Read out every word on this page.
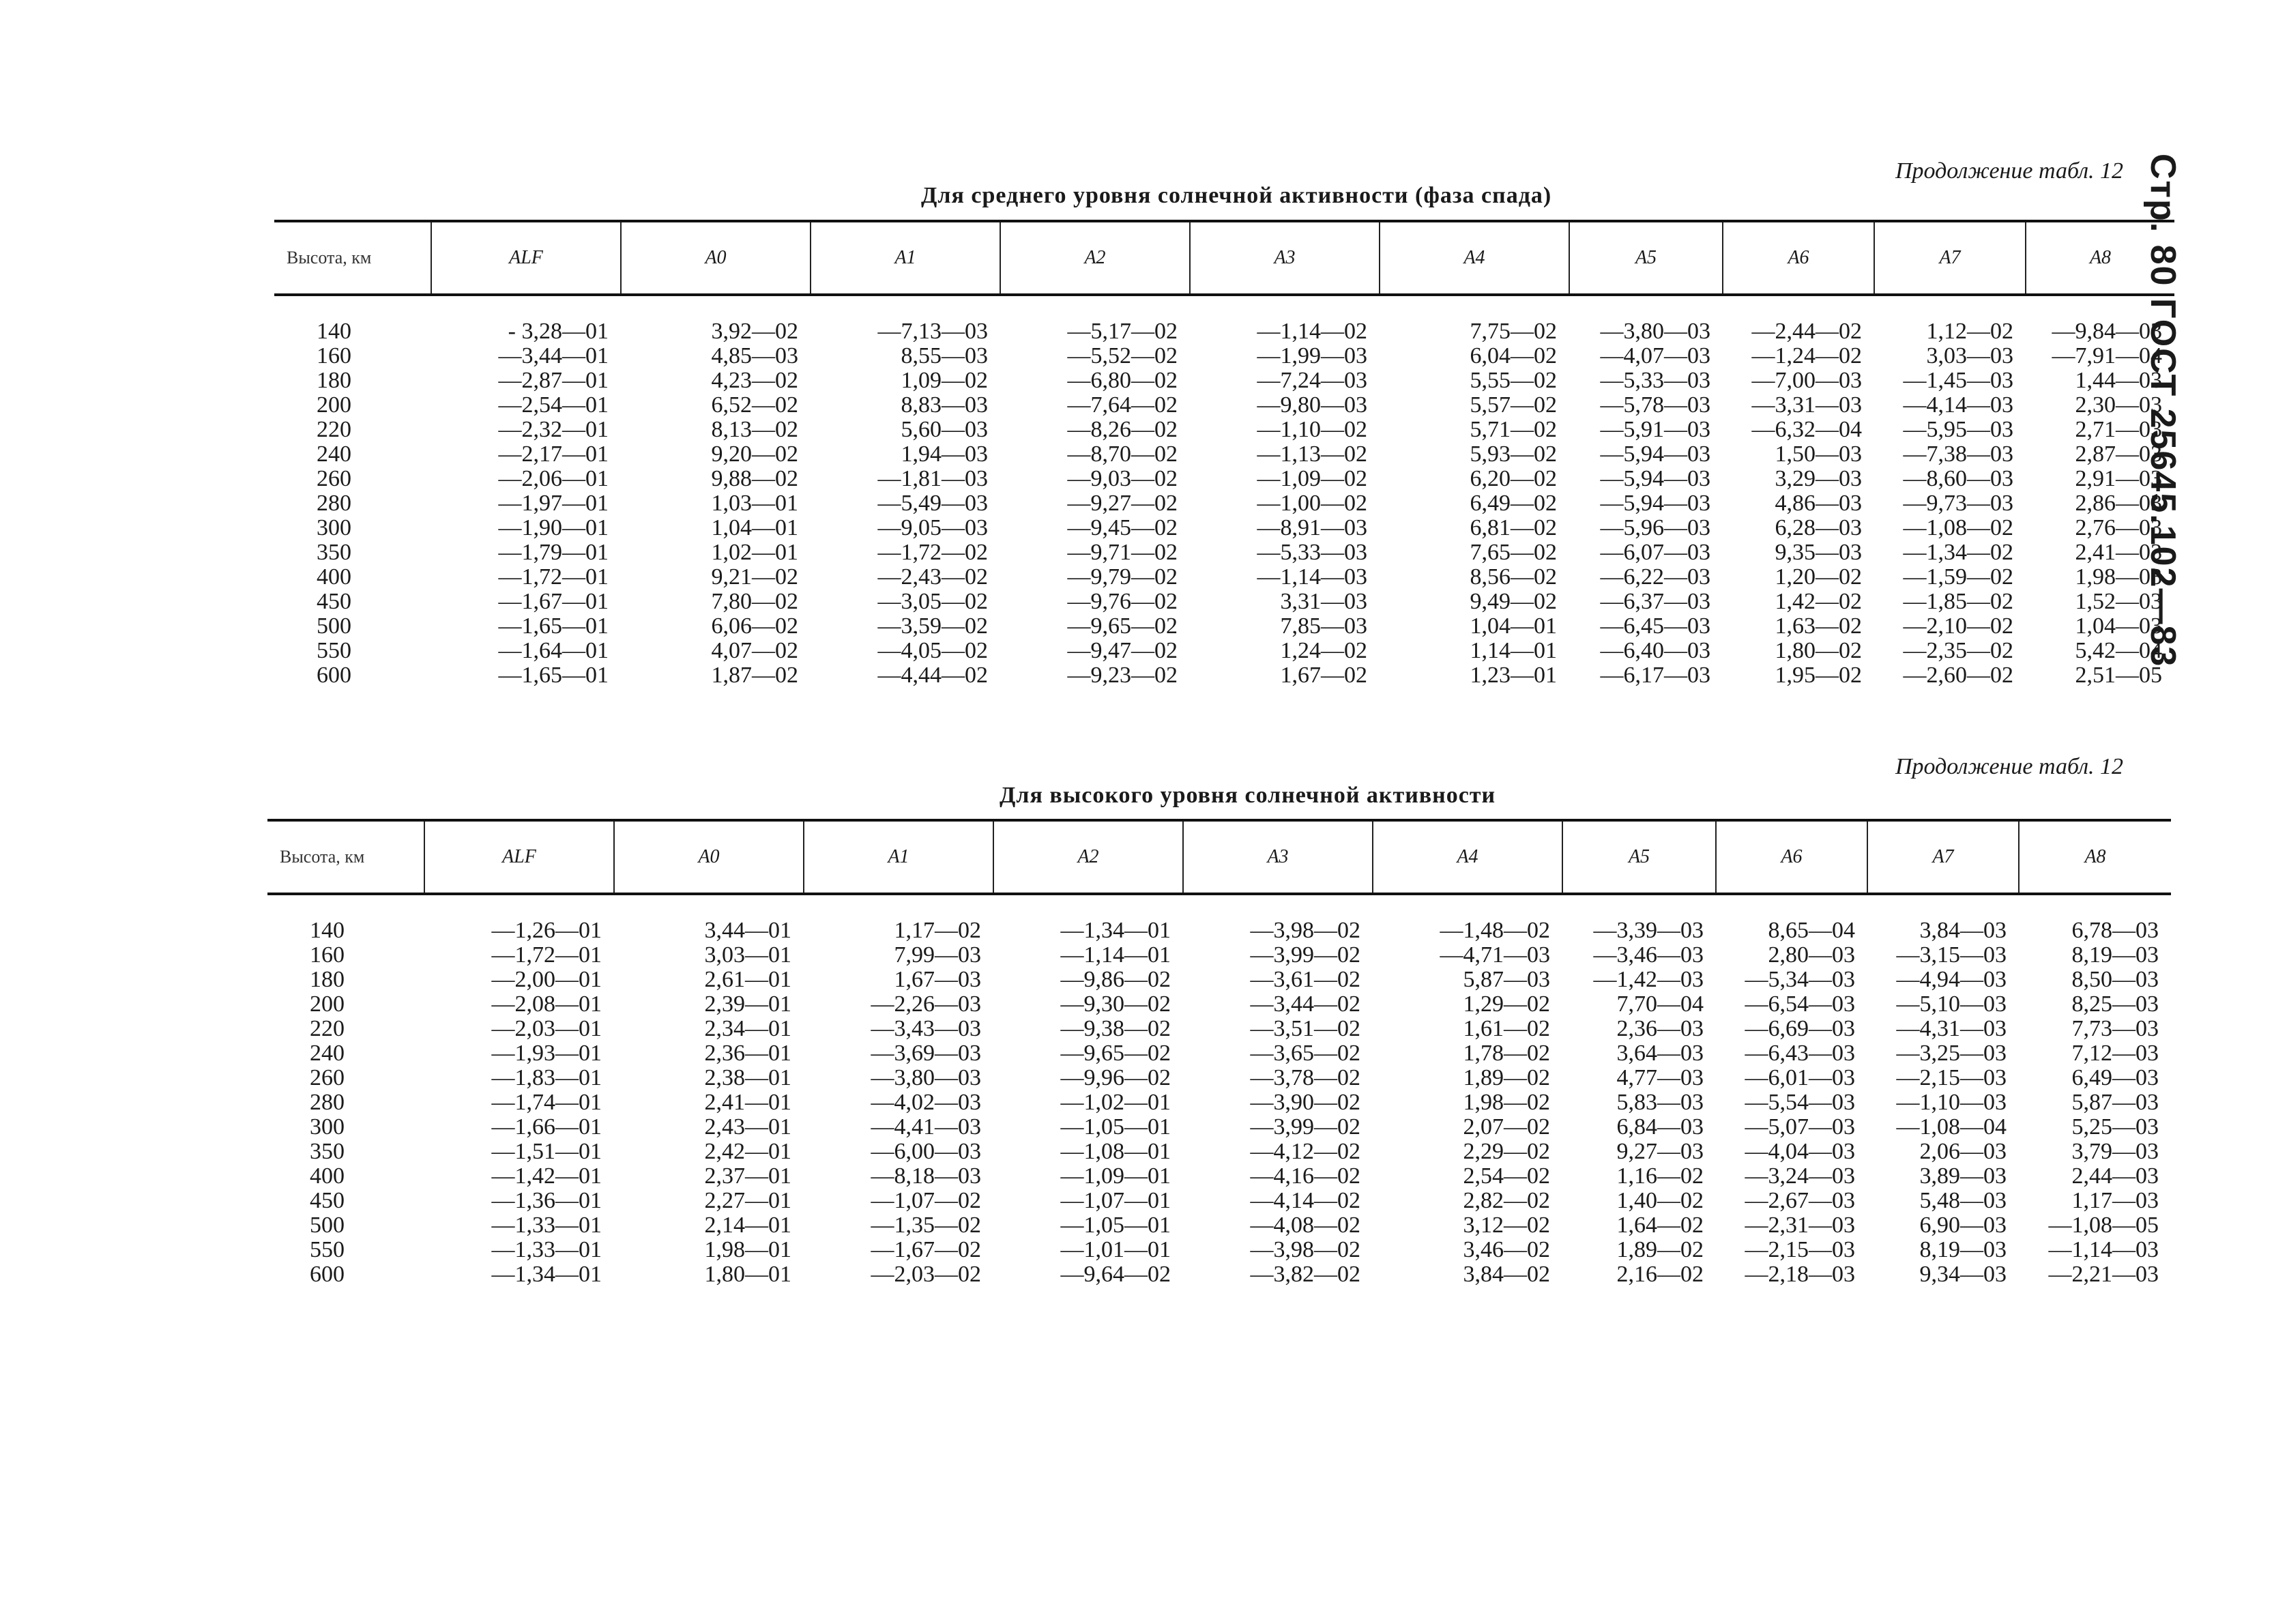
Стр. 80 ГОСТ 25645.102—83
Продолжение табл. 12
Для среднего уровня солнечной активности (фаза спада)
Высота, км	ALF	A0	A1	A2	A3	A4	A5	A6	A7	A8
140	- 3,28—01	3,92—02	—7,13—03	—5,17—02	—1,14—02	7,75—02	—3,80—03	—2,44—02	1,12—02	—9,84—03
160	—3,44—01	4,85—03	8,55—03	—5,52—02	—1,99—03	6,04—02	—4,07—03	—1,24—02	3,03—03	—7,91—04
180	—2,87—01	4,23—02	1,09—02	—6,80—02	—7,24—03	5,55—02	—5,33—03	—7,00—03	—1,45—03	1,44—03
200	—2,54—01	6,52—02	8,83—03	—7,64—02	—9,80—03	5,57—02	—5,78—03	—3,31—03	—4,14—03	2,30—03
220	—2,32—01	8,13—02	5,60—03	—8,26—02	—1,10—02	5,71—02	—5,91—03	—6,32—04	—5,95—03	2,71—03
240	—2,17—01	9,20—02	1,94—03	—8,70—02	—1,13—02	5,93—02	—5,94—03	1,50—03	—7,38—03	2,87—03
260	—2,06—01	9,88—02	—1,81—03	—9,03—02	—1,09—02	6,20—02	—5,94—03	3,29—03	—8,60—03	2,91—03
280	—1,97—01	1,03—01	—5,49—03	—9,27—02	—1,00—02	6,49—02	—5,94—03	4,86—03	—9,73—03	2,86—03
300	—1,90—01	1,04—01	—9,05—03	—9,45—02	—8,91—03	6,81—02	—5,96—03	6,28—03	—1,08—02	2,76—03
350	—1,79—01	1,02—01	—1,72—02	—9,71—02	—5,33—03	7,65—02	—6,07—03	9,35—03	—1,34—02	2,41—03
400	—1,72—01	9,21—02	—2,43—02	—9,79—02	—1,14—03	8,56—02	—6,22—03	1,20—02	—1,59—02	1,98—03
450	—1,67—01	7,80—02	—3,05—02	—9,76—02	3,31—03	9,49—02	—6,37—03	1,42—02	—1,85—02	1,52—03
500	—1,65—01	6,06—02	—3,59—02	—9,65—02	7,85—03	1,04—01	—6,45—03	1,63—02	—2,10—02	1,04—03
550	—1,64—01	4,07—02	—4,05—02	—9,47—02	1,24—02	1,14—01	—6,40—03	1,80—02	—2,35—02	5,42—04
600	—1,65—01	1,87—02	—4,44—02	—9,23—02	1,67—02	1,23—01	—6,17—03	1,95—02	—2,60—02	2,51—05
Продолжение табл. 12
Для высокого уровня солнечной активности
Высота, км	ALF	A0	A1	A2	A3	A4	A5	A6	A7	A8
140	—1,26—01	3,44—01	1,17—02	—1,34—01	—3,98—02	—1,48—02	—3,39—03	8,65—04	3,84—03	6,78—03
160	—1,72—01	3,03—01	7,99—03	—1,14—01	—3,99—02	—4,71—03	—3,46—03	2,80—03	—3,15—03	8,19—03
180	—2,00—01	2,61—01	1,67—03	—9,86—02	—3,61—02	5,87—03	—1,42—03	—5,34—03	—4,94—03	8,50—03
200	—2,08—01	2,39—01	—2,26—03	—9,30—02	—3,44—02	1,29—02	7,70—04	—6,54—03	—5,10—03	8,25—03
220	—2,03—01	2,34—01	—3,43—03	—9,38—02	—3,51—02	1,61—02	2,36—03	—6,69—03	—4,31—03	7,73—03
240	—1,93—01	2,36—01	—3,69—03	—9,65—02	—3,65—02	1,78—02	3,64—03	—6,43—03	—3,25—03	7,12—03
260	—1,83—01	2,38—01	—3,80—03	—9,96—02	—3,78—02	1,89—02	4,77—03	—6,01—03	—2,15—03	6,49—03
280	—1,74—01	2,41—01	—4,02—03	—1,02—01	—3,90—02	1,98—02	5,83—03	—5,54—03	—1,10—03	5,87—03
300	—1,66—01	2,43—01	—4,41—03	—1,05—01	—3,99—02	2,07—02	6,84—03	—5,07—03	—1,08—04	5,25—03
350	—1,51—01	2,42—01	—6,00—03	—1,08—01	—4,12—02	2,29—02	9,27—03	—4,04—03	2,06—03	3,79—03
400	—1,42—01	2,37—01	—8,18—03	—1,09—01	—4,16—02	2,54—02	1,16—02	—3,24—03	3,89—03	2,44—03
450	—1,36—01	2,27—01	—1,07—02	—1,07—01	—4,14—02	2,82—02	1,40—02	—2,67—03	5,48—03	1,17—03
500	—1,33—01	2,14—01	—1,35—02	—1,05—01	—4,08—02	3,12—02	1,64—02	—2,31—03	6,90—03	—1,08—05
550	—1,33—01	1,98—01	—1,67—02	—1,01—01	—3,98—02	3,46—02	1,89—02	—2,15—03	8,19—03	—1,14—03
600	—1,34—01	1,80—01	—2,03—02	—9,64—02	—3,82—02	3,84—02	2,16—02	—2,18—03	9,34—03	—2,21—03
